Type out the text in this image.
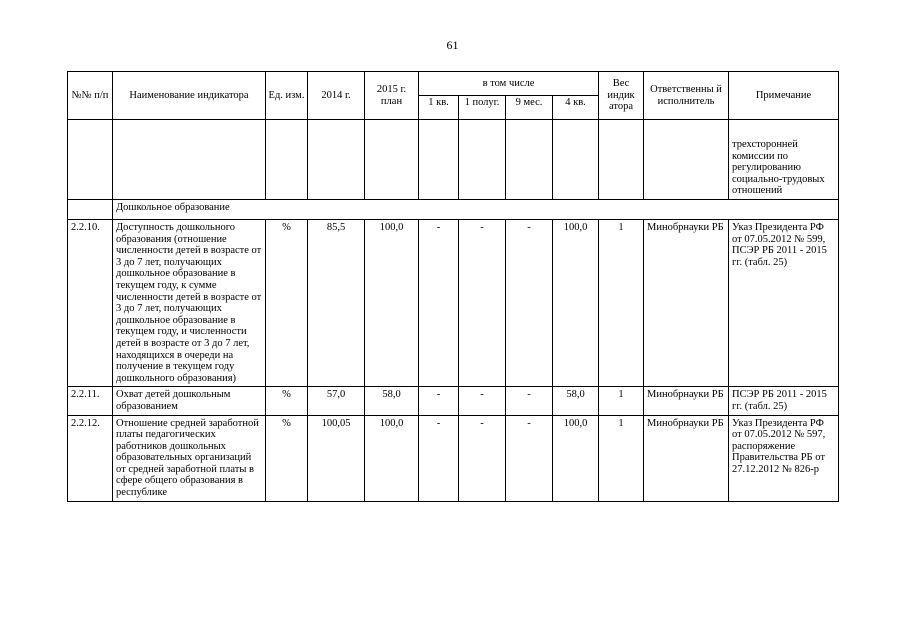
61
№№ п/п	Наименование индикатора	Ед. изм.	2014 г.	2015 г. план	в том числе				Вес индик атора	Ответственны й исполнитель	Примечание
					1 кв.	1 полуг.	9 мес.	4 кв.			
											трехсторонней комиссии по регулированию социально-трудовых отношений
	Дошкольное образование										
2.2.10.	Доступность дошкольного образования (отношение численности детей в возрасте от 3 до 7 лет, получающих дошкольное образование в текущем году, к сумме численности детей в возрасте от 3 до 7 лет, получающих дошкольное образование в текущем году, и численности детей в возрасте от 3 до 7 лет, находящихся в очереди на получение в текущем году дошкольного образования)	%	85,5	100,0	-	-	-	100,0	1	Минобрнауки РБ	Указ Президента РФ от 07.05.2012 № 599, ПСЭР РБ 2011 - 2015 гг. (табл. 25)
2.2.11.	Охват детей дошкольным образованием	%	57,0	58,0	-	-	-	58,0	1	Минобрнауки РБ	ПСЭР РБ 2011 - 2015 гг. (табл. 25)
2.2.12.	Отношение средней заработной платы педагогических работников дошкольных образовательных организаций от средней заработной платы в сфере общего образования в республике	%	100,05	100,0	-	-	-	100,0	1	Минобрнауки РБ	Указ Президента РФ от 07.05.2012 № 597, распоряжение Правительства РБ от 27.12.2012 № 826-р
